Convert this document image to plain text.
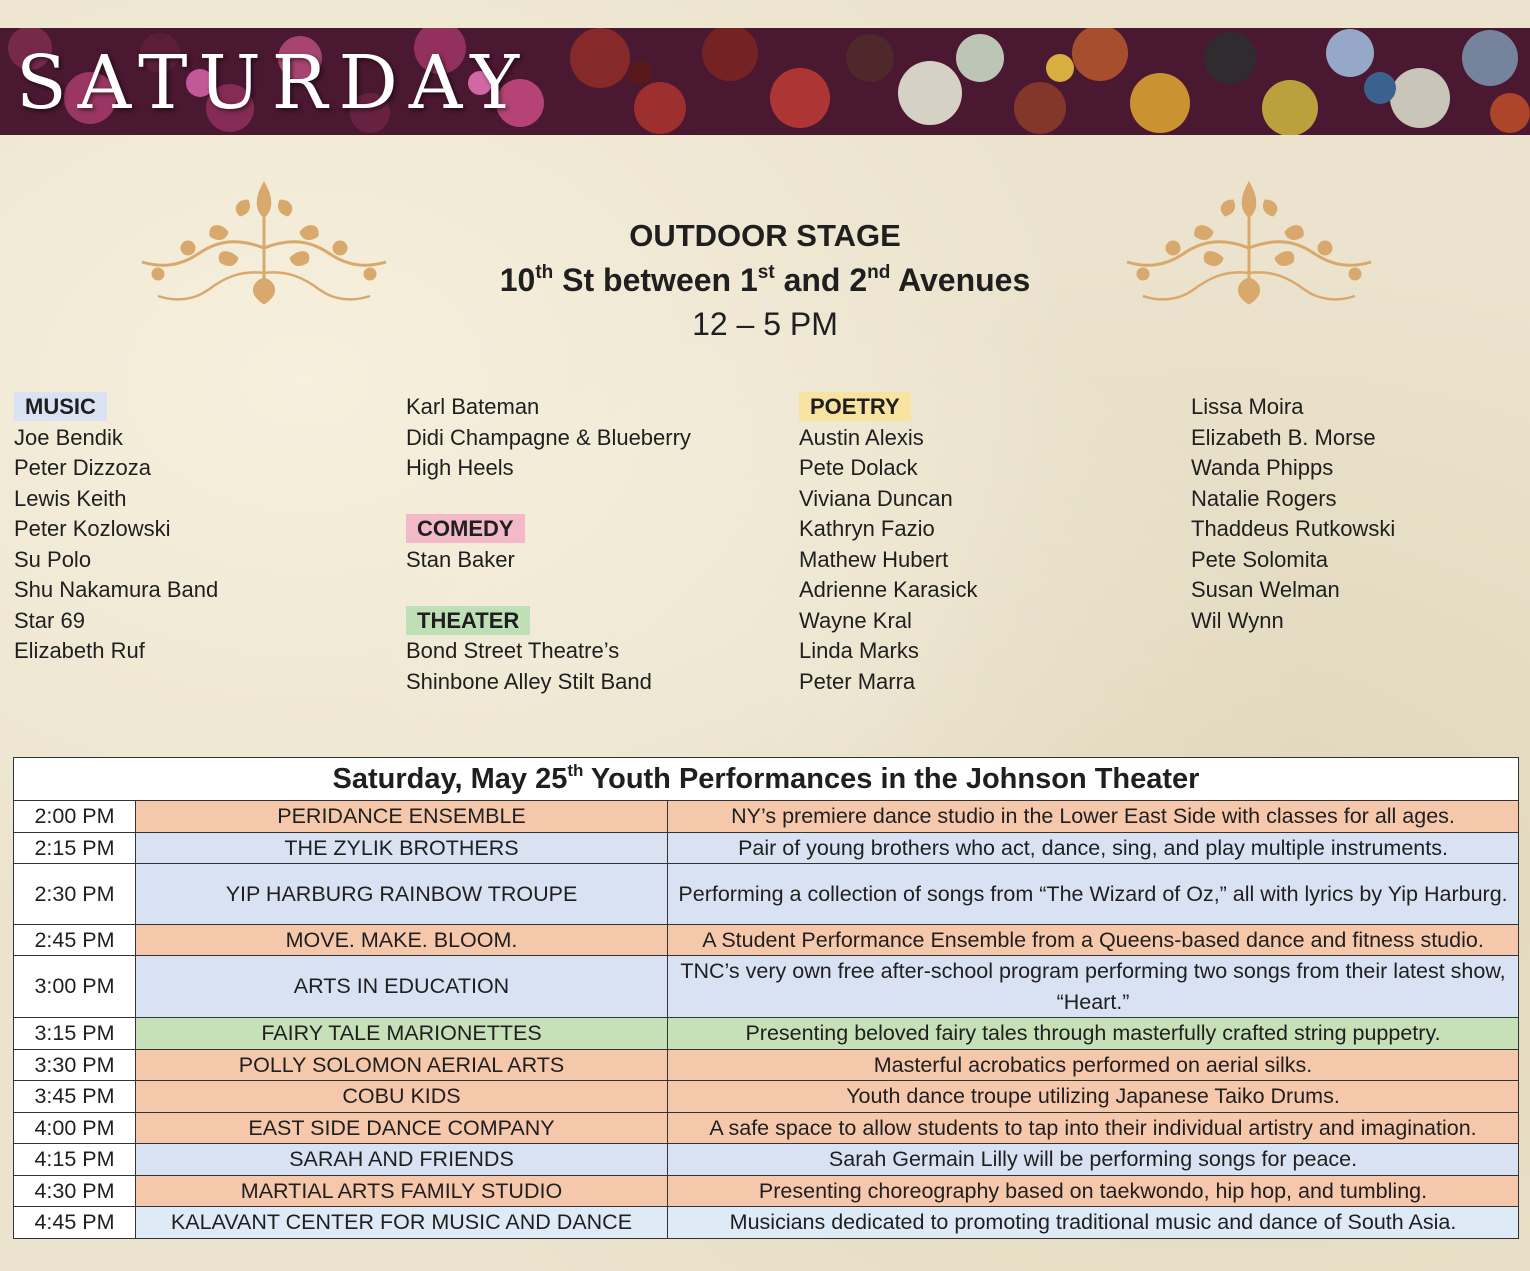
SATURDAY
OUTDOOR STAGE
10th St between 1st and 2nd Avenues
12 – 5 PM
MUSIC
Joe Bendik
Peter Dizzoza
Lewis Keith
Peter Kozlowski
Su Polo
Shu Nakamura Band
Star 69
Elizabeth Ruf
Karl Bateman
Didi Champagne & Blueberry
High Heels
COMEDY
Stan Baker
THEATER
Bond Street Theatre’s
Shinbone Alley Stilt Band
POETRY
Austin Alexis
Pete Dolack
Viviana Duncan
Kathryn Fazio
Mathew Hubert
Adrienne Karasick
Wayne Kral
Linda Marks
Peter Marra
Lissa Moira
Elizabeth B. Morse
Wanda Phipps
Natalie Rogers
Thaddeus Rutkowski
Pete Solomita
Susan Welman
Wil Wynn
Saturday, May 25th Youth Performances in the Johnson Theater		
2:00 PM	PERIDANCE ENSEMBLE	NY’s premiere dance studio in the Lower East Side with classes for all ages.
2:15 PM	THE ZYLIK BROTHERS	Pair of young brothers who act, dance, sing, and play multiple instruments.
2:30 PM	YIP HARBURG RAINBOW TROUPE	Performing a collection of songs from “The Wizard of Oz,” all with lyrics by Yip Harburg.
2:45 PM	MOVE. MAKE. BLOOM.	A Student Performance Ensemble from a Queens-based dance and fitness studio.
3:00 PM	ARTS IN EDUCATION	TNC’s very own free after-school program performing two songs from their latest show, “Heart.”
3:15 PM	FAIRY TALE MARIONETTES	Presenting beloved fairy tales through masterfully crafted string puppetry.
3:30 PM	POLLY SOLOMON AERIAL ARTS	Masterful acrobatics performed on aerial silks.
3:45 PM	COBU KIDS	Youth dance troupe utilizing Japanese Taiko Drums.
4:00 PM	EAST SIDE DANCE COMPANY	A safe space to allow students to tap into their individual artistry and imagination.
4:15 PM	SARAH AND FRIENDS	Sarah Germain Lilly will be performing songs for peace.
4:30 PM	MARTIAL ARTS FAMILY STUDIO	Presenting choreography based on taekwondo, hip hop, and tumbling.
4:45 PM	KALAVANT CENTER FOR MUSIC AND DANCE	Musicians dedicated to promoting traditional music and dance of South Asia.
